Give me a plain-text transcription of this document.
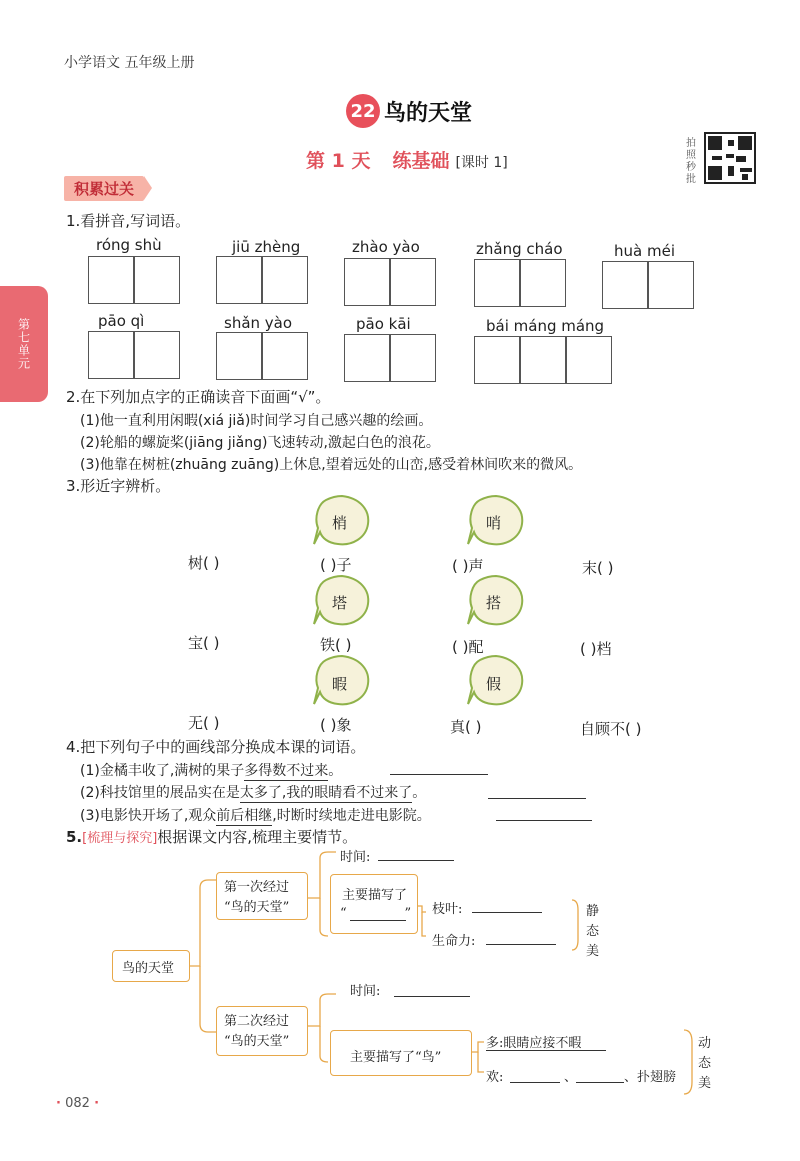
小学语文 五年级上册
22 鸟的天堂
第 1 天 练基础 [课时 1]
拍照秒批
第七单元
积累过关
1.看拼音,写词语。
róng shù	jiū zhèng	zhào yào	zhǎng cháo	huà méi
pāo qì	shǎn yào	pāo kāi	bái máng máng
2.在下列加点字的正确读音下面画“√”。
(1)他一直利用闲暇(xiá jiǎ)时间学习自己感兴趣的绘画。
(2)轮船的螺旋桨(jiāng jiǎng)飞速转动,激起白色的浪花。
(3)他靠在树桩(zhuāng zuāng)上休息,望着远处的山峦,感受着林间吹来的微风。
3.形近字辨析。
梢	哨
树( )	( )子	( )声	末( )
塔	搭
宝( )	铁( )	( )配	( )档
暇	假
无( )	( )象	真( )	自顾不( )
4.把下列句子中的画线部分换成本课的词语。
(1)金橘丰收了,满树的果子多得数不过来。
(2)科技馆里的展品实在是太多了,我的眼睛看不过来了。
(3)电影快开场了,观众前后相继,时断时续地走进电影院。
5.[梳理与探究]根据课文内容,梳理主要情节。
鸟的天堂
第一次经过
“鸟的天堂”
时间:
主要描写了
“              ” 枝叶:
生命力:
静态美
第二次经过
“鸟的天堂”
时间:
主要描写了“鸟”
多:眼睛应接不暇
欢:	、	、扑翅膀
动态美
· 082 ·
